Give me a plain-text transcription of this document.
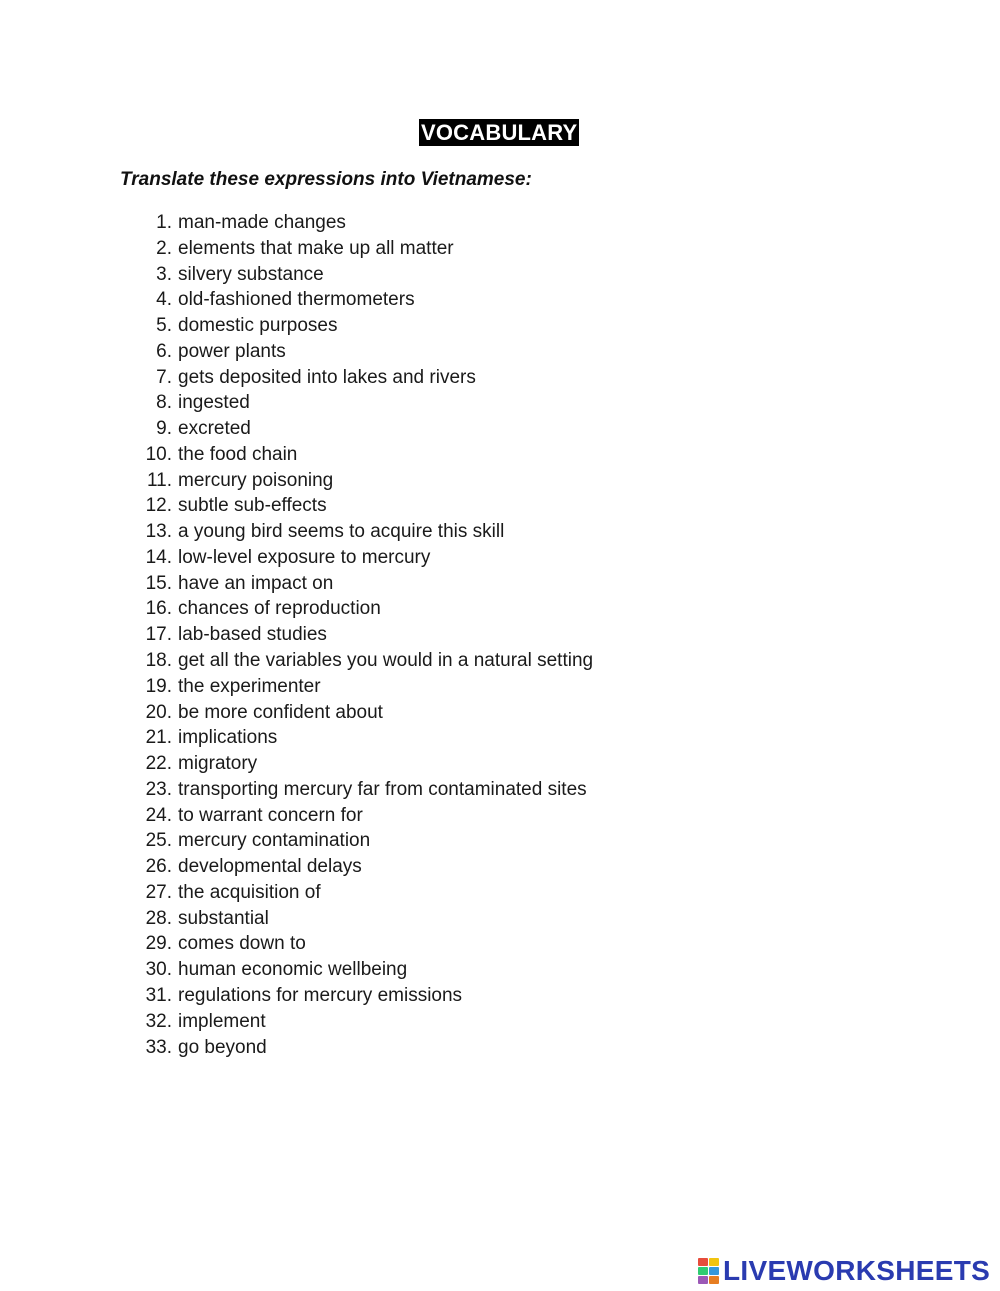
VOCABULARY
Translate these expressions into Vietnamese:
1. man-made changes
2. elements that make up all matter
3. silvery substance
4. old-fashioned thermometers
5. domestic purposes
6. power plants
7. gets deposited into lakes and rivers
8. ingested
9. excreted
10. the food chain
11. mercury poisoning
12. subtle sub-effects
13. a young bird seems to acquire this skill
14. low-level exposure to mercury
15. have an impact on
16. chances of reproduction
17. lab-based studies
18. get all the variables you would in a natural setting
19. the experimenter
20. be more confident about
21. implications
22. migratory
23. transporting mercury far from contaminated sites
24. to warrant concern for
25. mercury contamination
26. developmental delays
27. the acquisition of
28. substantial
29. comes down to
30. human economic wellbeing
31. regulations for mercury emissions
32. implement
33. go beyond
LIVEWORKSHEETS
